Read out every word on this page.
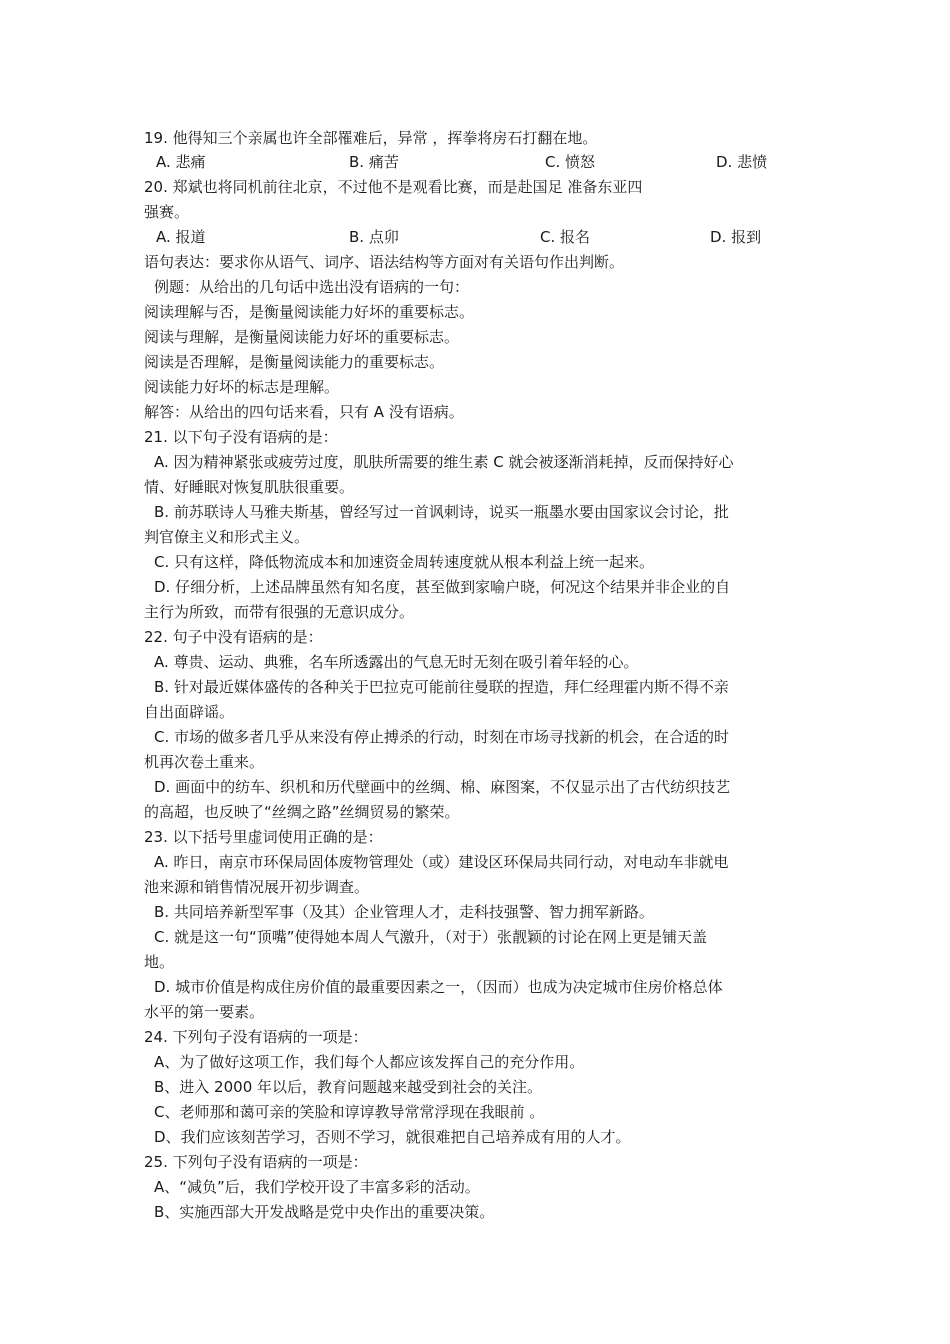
19. 他得知三个亲属也许全部罹难后，异常 ，挥拳将房石打翻在地。
A. 悲痛	B. 痛苦	C. 愤怒	D. 悲愤
20. 郑斌也将同机前往北京，不过他不是观看比赛，而是赴国足 准备东亚四
强赛。
A. 报道	B. 点卯	C. 报名	D. 报到
语句表达：要求你从语气、词序、语法结构等方面对有关语句作出判断。
例题：从给出的几句话中选出没有语病的一句：
阅读理解与否，是衡量阅读能力好坏的重要标志。
阅读与理解，是衡量阅读能力好坏的重要标志。
阅读是否理解，是衡量阅读能力的重要标志。
阅读能力好坏的标志是理解。
解答：从给出的四句话来看，只有 A 没有语病。
21. 以下句子没有语病的是：
A. 因为精神紧张或疲劳过度，肌肤所需要的维生素 C 就会被逐渐消耗掉，反而保持好心
情、好睡眠对恢复肌肤很重要。
B. 前苏联诗人马雅夫斯基，曾经写过一首讽刺诗，说买一瓶墨水要由国家议会讨论，批
判官僚主义和形式主义。
C. 只有这样，降低物流成本和加速资金周转速度就从根本利益上统一起来。
D. 仔细分析，上述品牌虽然有知名度，甚至做到家喻户晓，何况这个结果并非企业的自
主行为所致，而带有很强的无意识成分。
22. 句子中没有语病的是：
A. 尊贵、运动、典雅，名车所透露出的气息无时无刻在吸引着年轻的心。
B. 针对最近媒体盛传的各种关于巴拉克可能前往曼联的捏造，拜仁经理霍内斯不得不亲
自出面辟谣。
C. 市场的做多者几乎从来没有停止搏杀的行动，时刻在市场寻找新的机会，在合适的时
机再次卷土重来。
D. 画面中的纺车、织机和历代壁画中的丝绸、棉、麻图案，不仅显示出了古代纺织技艺
的高超，也反映了“丝绸之路”丝绸贸易的繁荣。
23. 以下括号里虚词使用正确的是：
A. 昨日，南京市环保局固体废物管理处（或）建设区环保局共同行动，对电动车非就电
池来源和销售情况展开初步调查。
B. 共同培养新型军事（及其）企业管理人才，走科技强警、智力拥军新路。
C. 就是这一句“顶嘴”使得她本周人气激升，（对于）张靓颖的讨论在网上更是铺天盖
地。
D. 城市价值是构成住房价值的最重要因素之一，（因而）也成为决定城市住房价格总体
水平的第一要素。
24. 下列句子没有语病的一项是：
A、为了做好这项工作，我们每个人都应该发挥自己的充分作用。
B、进入 2000 年以后，教育问题越来越受到社会的关注。
C、老师那和蔼可亲的笑脸和谆谆教导常常浮现在我眼前 。
D、我们应该刻苦学习，否则不学习，就很难把自己培养成有用的人才。
25. 下列句子没有语病的一项是：
A、“减负”后，我们学校开设了丰富多彩的活动。
B、实施西部大开发战略是党中央作出的重要决策。
